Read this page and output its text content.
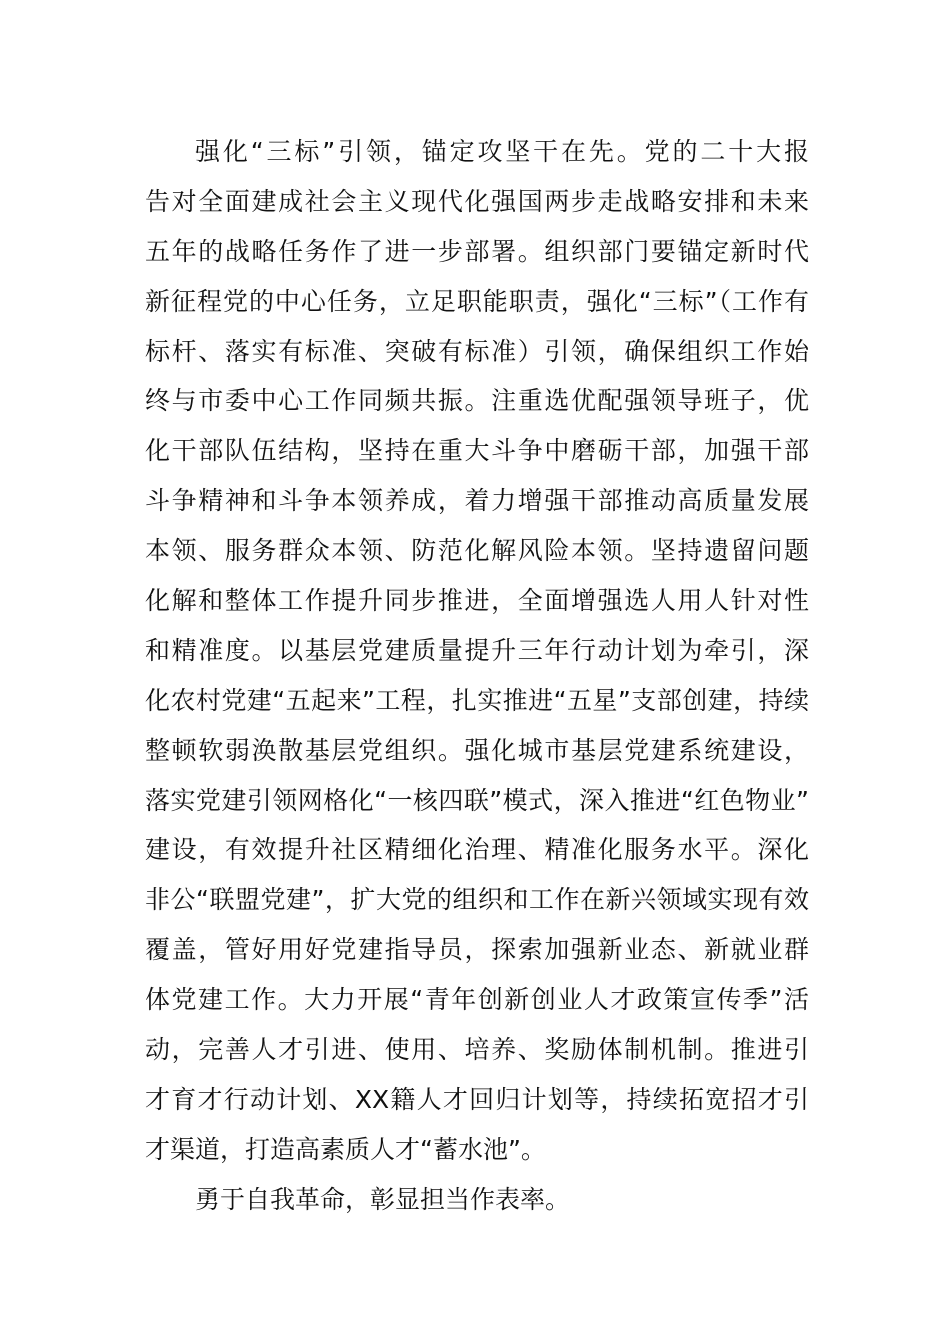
强化“三标”引领，锚定攻坚干在先。党的二十大报
告对全面建成社会主义现代化强国两步走战略安排和未来
五年的战略任务作了进一步部署。组织部门要锚定新时代
新征程党的中心任务，立足职能职责，强化“三标”（工作有
标杆、落实有标准、突破有标准）引领，确保组织工作始
终与市委中心工作同频共振。注重选优配强领导班子，优
化干部队伍结构，坚持在重大斗争中磨砺干部，加强干部
斗争精神和斗争本领养成，着力增强干部推动高质量发展
本领、服务群众本领、防范化解风险本领。坚持遗留问题
化解和整体工作提升同步推进，全面增强选人用人针对性
和精准度。以基层党建质量提升三年行动计划为牵引，深
化农村党建“五起来”工程，扎实推进“五星”支部创建，持续
整顿软弱涣散基层党组织。强化城市基层党建系统建设，
落实党建引领网格化“一核四联”模式，深入推进“红色物业”
建设，有效提升社区精细化治理、精准化服务水平。深化
非公“联盟党建”，扩大党的组织和工作在新兴领域实现有效
覆盖，管好用好党建指导员，探索加强新业态、新就业群
体党建工作。大力开展“青年创新创业人才政策宣传季”活
动，完善人才引进、使用、培养、奖励体制机制。推进引
才育才行动计划、XX籍人才回归计划等，持续拓宽招才引
才渠道，打造高素质人才“蓄水池”。
勇于自我革命，彰显担当作表率。
